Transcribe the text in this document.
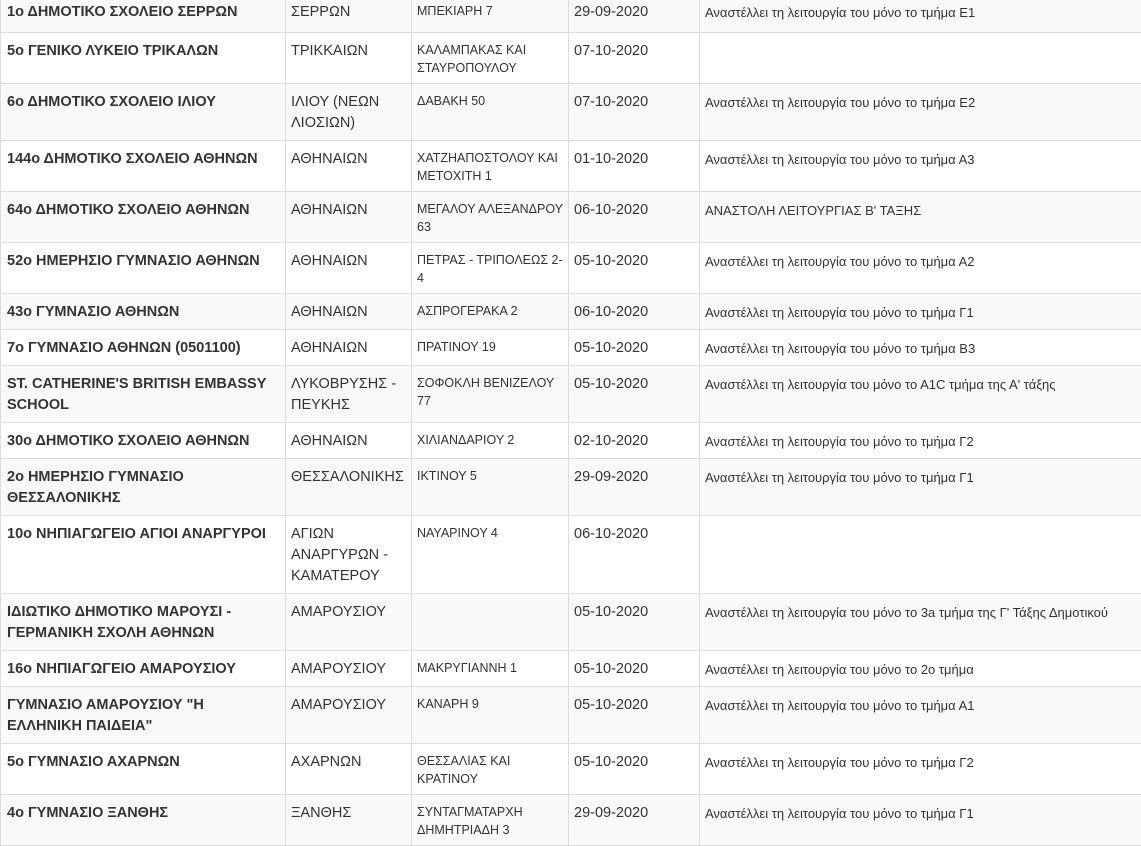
1ο ΔΗΜΟΤΙΚΟ ΣΧΟΛΕΙΟ ΣΕΡΡΩΝ	ΣΕΡΡΩΝ	ΜΠΕΚΙΑΡΗ 7	29-09-2020	Αναστέλλει τη λειτουργία του μόνο το τμήμα Ε1
5ο ΓΕΝΙΚΟ ΛΥΚΕΙΟ ΤΡΙΚΑΛΩΝ	ΤΡΙΚΚΑΙΩΝ	ΚΑΛΑΜΠΑΚΑΣ ΚΑΙ ΣΤΑΥΡΟΠΟΥΛΟΥ	07-10-2020	
6ο ΔΗΜΟΤΙΚΟ ΣΧΟΛΕΙΟ ΙΛΙΟΥ	ΙΛΙΟΥ (ΝΕΩΝ ΛΙΟΣΙΩΝ)	ΔΑΒΑΚΗ 50	07-10-2020	Αναστέλλει τη λειτουργία του μόνο το τμήμα Ε2
144ο ΔΗΜΟΤΙΚΟ ΣΧΟΛΕΙΟ ΑΘΗΝΩΝ	ΑΘΗΝΑΙΩΝ	ΧΑΤΖΗΑΠΟΣΤΟΛΟΥ ΚΑΙ ΜΕΤΟΧΙΤΗ 1	01-10-2020	Αναστέλλει τη λειτουργία του μόνο το τμήμα Α3
64ο ΔΗΜΟΤΙΚΟ ΣΧΟΛΕΙΟ ΑΘΗΝΩΝ	ΑΘΗΝΑΙΩΝ	ΜΕΓΑΛΟΥ ΑΛΕΞΑΝΔΡΟΥ 63	06-10-2020	ΑΝΑΣΤΟΛΗ ΛΕΙΤΟΥΡΓΙΑΣ Β' ΤΑΞΗΣ
52ο ΗΜΕΡΗΣΙΟ ΓΥΜΝΑΣΙΟ ΑΘΗΝΩΝ	ΑΘΗΝΑΙΩΝ	ΠΕΤΡΑΣ - ΤΡΙΠΟΛΕΩΣ 2-4	05-10-2020	Αναστέλλει τη λειτουργία του μόνο το τμήμα Α2
43ο ΓΥΜΝΑΣΙΟ ΑΘΗΝΩΝ	ΑΘΗΝΑΙΩΝ	ΑΣΠΡΟΓΕΡΑΚΑ 2	06-10-2020	Αναστέλλει τη λειτουργία του μόνο το τμήμα Γ1
7ο ΓΥΜΝΑΣΙΟ ΑΘΗΝΩΝ (0501100)	ΑΘΗΝΑΙΩΝ	ΠΡΑΤΙΝΟΥ 19	05-10-2020	Αναστέλλει τη λειτουργία του μόνο το τμήμα Β3
ST. CATHERINE'S BRITISH EMBASSY SCHOOL	ΛΥΚΟΒΡΥΣΗΣ - ΠΕΥΚΗΣ	ΣΟΦΟΚΛΗ ΒΕΝΙΖΕΛΟΥ 77	05-10-2020	Αναστέλλει τη λειτουργία του μόνο το Α1C τμήμα της Α' τάξης
30ο ΔΗΜΟΤΙΚΟ ΣΧΟΛΕΙΟ ΑΘΗΝΩΝ	ΑΘΗΝΑΙΩΝ	ΧΙΛΙΑΝΔΑΡΙΟΥ 2	02-10-2020	Αναστέλλει τη λειτουργία του μόνο το τμήμα Γ2
2ο ΗΜΕΡΗΣΙΟ ΓΥΜΝΑΣΙΟ ΘΕΣΣΑΛΟΝΙΚΗΣ	ΘΕΣΣΑΛΟΝΙΚΗΣ	ΙΚΤΙΝΟΥ 5	29-09-2020	Αναστέλλει τη λειτουργία του μόνο το τμήμα Γ1
10ο ΝΗΠΙΑΓΩΓΕΙΟ ΑΓΙΟΙ ΑΝΑΡΓΥΡΟΙ	ΑΓΙΩΝ ΑΝΑΡΓΥΡΩΝ - ΚΑΜΑΤΕΡΟΥ	ΝΑΥΑΡΙΝΟΥ 4	06-10-2020	
ΙΔΙΩΤΙΚΟ ΔΗΜΟΤΙΚΟ ΜΑΡΟΥΣΙ - ΓΕΡΜΑΝΙΚΗ ΣΧΟΛΗ ΑΘΗΝΩΝ	ΑΜΑΡΟΥΣΙΟΥ		05-10-2020	Αναστέλλει τη λειτουργία του μόνο το 3a τμήμα της Γ' Τάξης Δημοτικού
16ο ΝΗΠΙΑΓΩΓΕΙΟ ΑΜΑΡΟΥΣΙΟΥ	ΑΜΑΡΟΥΣΙΟΥ	ΜΑΚΡΥΓΙΑΝΝΗ 1	05-10-2020	Αναστέλλει τη λειτουργία του μόνο το 2ο τμήμα
ΓΥΜΝΑΣΙΟ ΑΜΑΡΟΥΣΙΟΥ "Η ΕΛΛΗΝΙΚΗ ΠΑΙΔΕΙΑ"	ΑΜΑΡΟΥΣΙΟΥ	ΚΑΝΑΡΗ 9	05-10-2020	Αναστέλλει τη λειτουργία του μόνο το τμήμα Α1
5ο ΓΥΜΝΑΣΙΟ ΑΧΑΡΝΩΝ	ΑΧΑΡΝΩΝ	ΘΕΣΣΑΛΙΑΣ ΚΑΙ ΚΡΑΤΙΝΟΥ	05-10-2020	Αναστέλλει τη λειτουργία του μόνο το τμήμα Γ2
4ο ΓΥΜΝΑΣΙΟ ΞΑΝΘΗΣ	ΞΑΝΘΗΣ	ΣΥΝΤΑΓΜΑΤΑΡΧΗ ΔΗΜΗΤΡΙΑΔΗ 3	29-09-2020	Αναστέλλει τη λειτουργία του μόνο το τμήμα Γ1
